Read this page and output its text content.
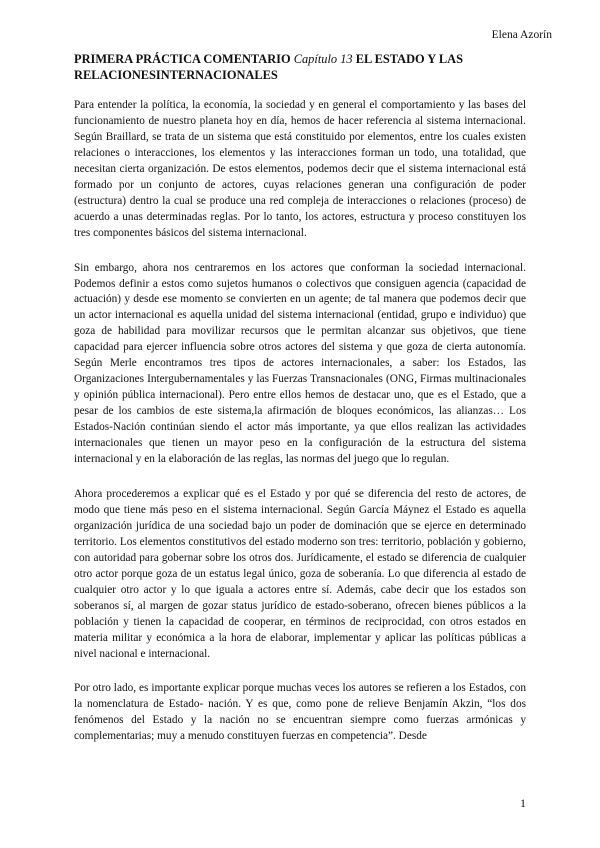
Elena Azorín
PRIMERA PRÁCTICA COMENTARIO Capítulo 13 EL ESTADO Y LAS RELACIONESINTERNACIONALES

Para entender la política, la economía, la sociedad y en general el comportamiento y las bases del funcionamiento de nuestro planeta hoy en día, hemos de hacer referencia al sistema internacional. Según Braillard, se trata de un sistema que está constituido por elementos, entre los cuales existen relaciones o interacciones, los elementos y las interacciones forman un todo, una totalidad, que necesitan cierta organización. De estos elementos, podemos decir que el sistema internacional está formado por un conjunto de actores, cuyas relaciones generan una configuración de poder (estructura) dentro la cual se produce una red compleja de interacciones o relaciones (proceso) de acuerdo a unas determinadas reglas. Por lo tanto, los actores, estructura y proceso constituyen los tres componentes básicos del sistema internacional.

Sin embargo, ahora nos centraremos en los actores que conforman la sociedad internacional. Podemos definir a estos como sujetos humanos o colectivos que consiguen agencia (capacidad de actuación) y desde ese momento se convierten en un agente; de tal manera que podemos decir que un actor internacional es aquella unidad del sistema internacional (entidad, grupo e individuo) que goza de habilidad para movilizar recursos que le permitan alcanzar sus objetivos, que tiene capacidad para ejercer influencia sobre otros actores del sistema y que goza de cierta autonomía. Según Merle encontramos tres tipos de actores internacionales, a saber: los Estados, las Organizaciones Intergubernamentales y las Fuerzas Transnacionales (ONG, Firmas multinacionales y opinión pública internacional). Pero entre ellos hemos de destacar uno, que es el Estado, que a pesar de los cambios de este sistema,la afirmación de bloques económicos, las alianzas… Los Estados-Nación continúan siendo el actor más importante, ya que ellos realizan las actividades internacionales que tienen un mayor peso en la configuración de la estructura del sistema internacional y en la elaboración de las reglas, las normas del juego que lo regulan.

Ahora procederemos a explicar qué es el Estado y por qué se diferencia del resto de actores, de modo que tiene más peso en el sistema internacional. Según García Máynez el Estado es aquella organización jurídica de una sociedad bajo un poder de dominación que se ejerce en determinado territorio. Los elementos constitutivos del estado moderno son tres: territorio, población y gobierno, con autoridad para gobernar sobre los otros dos. Jurídicamente, el estado se diferencia de cualquier otro actor porque goza de un estatus legal único, goza de soberanía. Lo que diferencia al estado de cualquier otro actor y lo que iguala a actores entre sí. Además, cabe decir que los estados son soberanos sí, al margen de gozar status jurídico de estado-soberano, ofrecen bienes públicos a la población y tienen la capacidad de cooperar, en términos de reciprocidad, con otros estados en materia militar y económica a la hora de elaborar, implementar y aplicar las políticas públicas a nivel nacional e internacional.

Por otro lado, es importante explicar porque muchas veces los autores se refieren a los Estados, con la nomenclatura de Estado- nación. Y es que, como pone de relieve Benjamín Akzin, “los dos fenómenos del Estado y la nación no se encuentran siempre como fuerzas armónicas y complementarias; muy a menudo constituyen fuerzas en competencia”. Desde

1
